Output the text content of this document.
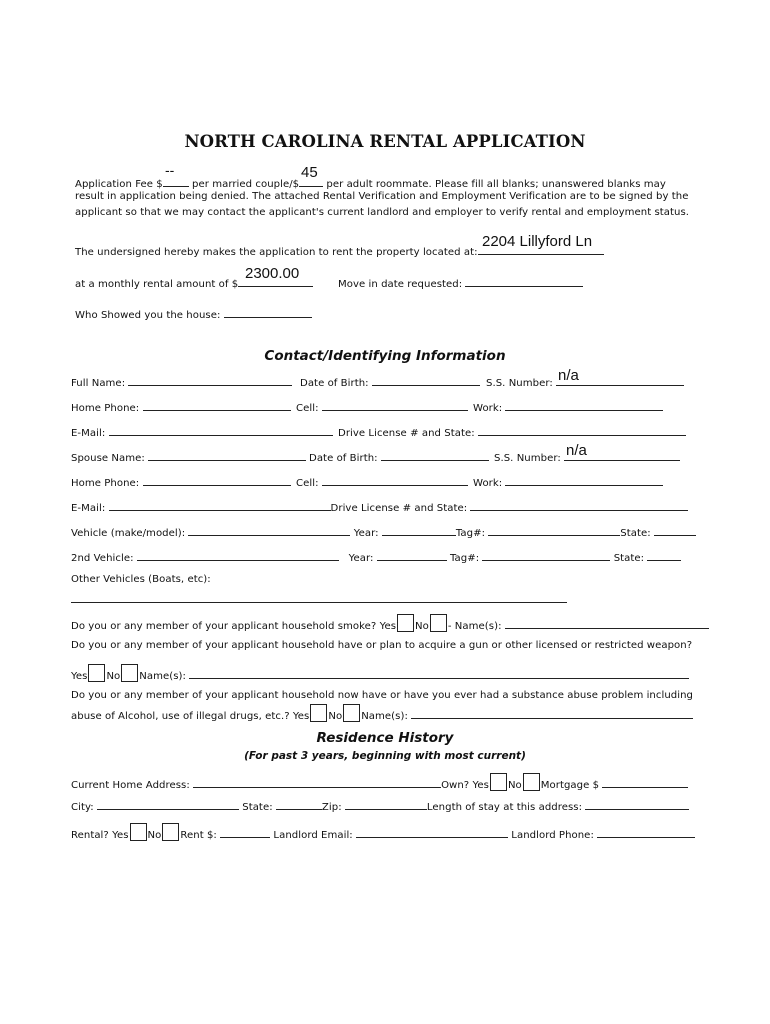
NORTH CAROLINA RENTAL APPLICATION
Application Fee $	per married couple/$ per adult roommate. Please fill all blanks; unanswered blanks may
--	45
result in application being denied. The attached Rental Verification and Employment Verification are to be signed by the
applicant so that we may contact the applicant's current landlord and employer to verify rental and employment status.
The undersigned hereby makes the application to rent the property located at:
2204 Lillyford Ln
at a monthly rental amount of $
2300.00
Move in date requested:
Who Showed you the house:
Contact/Identifying Information
Full Name:	Date of Birth:	S.S. Number: n/a
Home Phone:	Cell:	Work:
E-Mail:	Drive License # and State:
Spouse Name:	Date of Birth:	S.S. Number: n/a
Home Phone:	Cell:	Work:
E-Mail:	Drive License # and State:
Vehicle (make/model):	Year:	Tag#:	State:
2nd Vehicle:	Year:	Tag#:	State:
Other Vehicles (Boats, etc):
Do you or any member of your applicant household smoke? Yes No - Name(s):
Do you or any member of your applicant household have or plan to acquire a gun or other licensed or restricted weapon?
Yes No Name(s):
Do you or any member of your applicant household now have or have you ever had a substance abuse problem including
abuse of Alcohol, use of illegal drugs, etc.? Yes No Name(s):
Residence History
(For past 3 years, beginning with most current)
Current Home Address:	Own? Yes No Mortgage $
City:	State:	Zip:	Length of stay at this address:
Rental? Yes No Rent $:	Landlord Email:	Landlord Phone:
